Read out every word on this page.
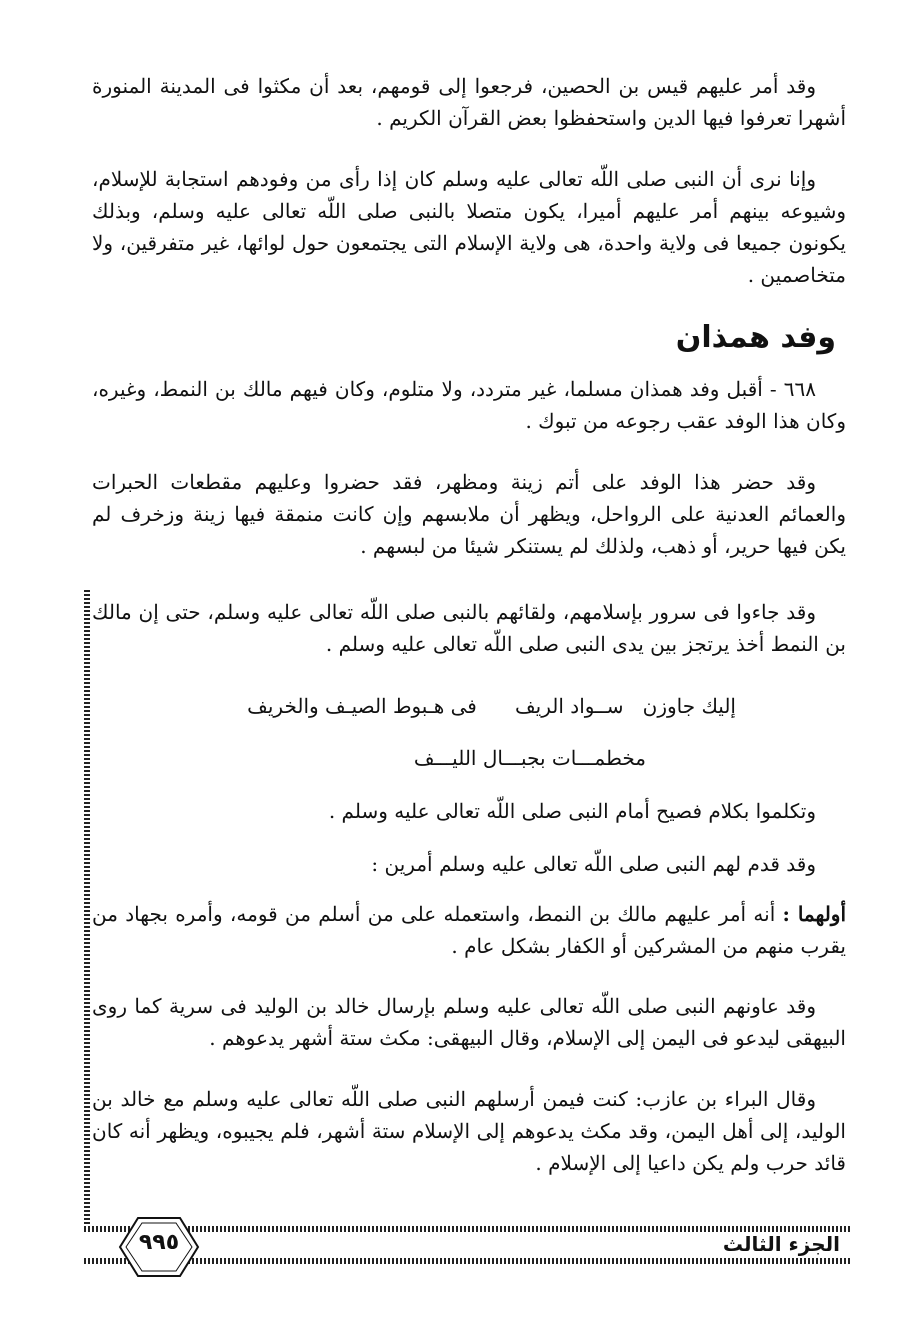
وقد أمر عليهم قيس بن الحصين، فرجعوا إلى قومهم، بعد أن مكثوا فى المدينة المنورة أشهرا تعرفوا فيها الدين واستحفظوا بعض القرآن الكريم .

وإنا نرى أن النبى صلى اللّه تعالى عليه وسلم كان إذا رأى من وفودهم استجابة للإسلام، وشيوعه بينهم أمر عليهم أميرا، يكون متصلا بالنبى صلى اللّه تعالى عليه وسلم، وبذلك يكونون جميعا فى ولاية واحدة، هى ولاية الإسلام التى يجتمعون حول لوائها، غير متفرقين، ولا متخاصمين .

وفد همذان

٦٦٨ - أقبل وفد همذان مسلما، غير متردد، ولا متلوم، وكان فيهم مالك بن النمط، وغيره، وكان هذا الوفد عقب رجوعه من تبوك .

وقد حضر هذا الوفد على أتم زينة ومظهر، فقد حضروا وعليهم مقطعات الحبرات والعمائم العدنية على الرواحل، ويظهر أن ملابسهم وإن كانت منمقة فيها زينة وزخرف لم يكن فيها حرير، أو ذهب، ولذلك لم يستنكر شيئا من لبسهم .

وقد جاءوا فى سرور بإسلامهم، ولقائهم بالنبى صلى اللّه تعالى عليه وسلم، حتى إن مالك بن النمط أخذ يرتجز بين يدى النبى صلى اللّه تعالى عليه وسلم .

إليك جاوزن   ســواد الريف      فى هـبوط الصيـف والخريف
مخطمـــات بجبـــال الليـــف

وتكلموا بكلام فصيح أمام النبى صلى اللّه تعالى عليه وسلم .

وقد قدم لهم النبى صلى اللّه تعالى عليه وسلم أمرين :

أولهما : أنه أمر عليهم مالك بن النمط، واستعمله على من أسلم من قومه، وأمره بجهاد من يقرب منهم من المشركين أو الكفار بشكل عام .

وقد عاونهم النبى صلى اللّه تعالى عليه وسلم بإرسال خالد بن الوليد فى سرية كما روى البيهقى ليدعو فى اليمن إلى الإسلام، وقال البيهقى: مكث ستة أشهر يدعوهم .

وقال البراء بن عازب: كنت فيمن أرسلهم النبى صلى اللّه تعالى عليه وسلم مع خالد بن الوليد، إلى أهل اليمن، وقد مكث يدعوهم إلى الإسلام ستة أشهر، فلم يجيبوه، ويظهر أنه كان قائد حرب ولم يكن داعيا إلى الإسلام .

٩٩٥	الجزء الثالث
